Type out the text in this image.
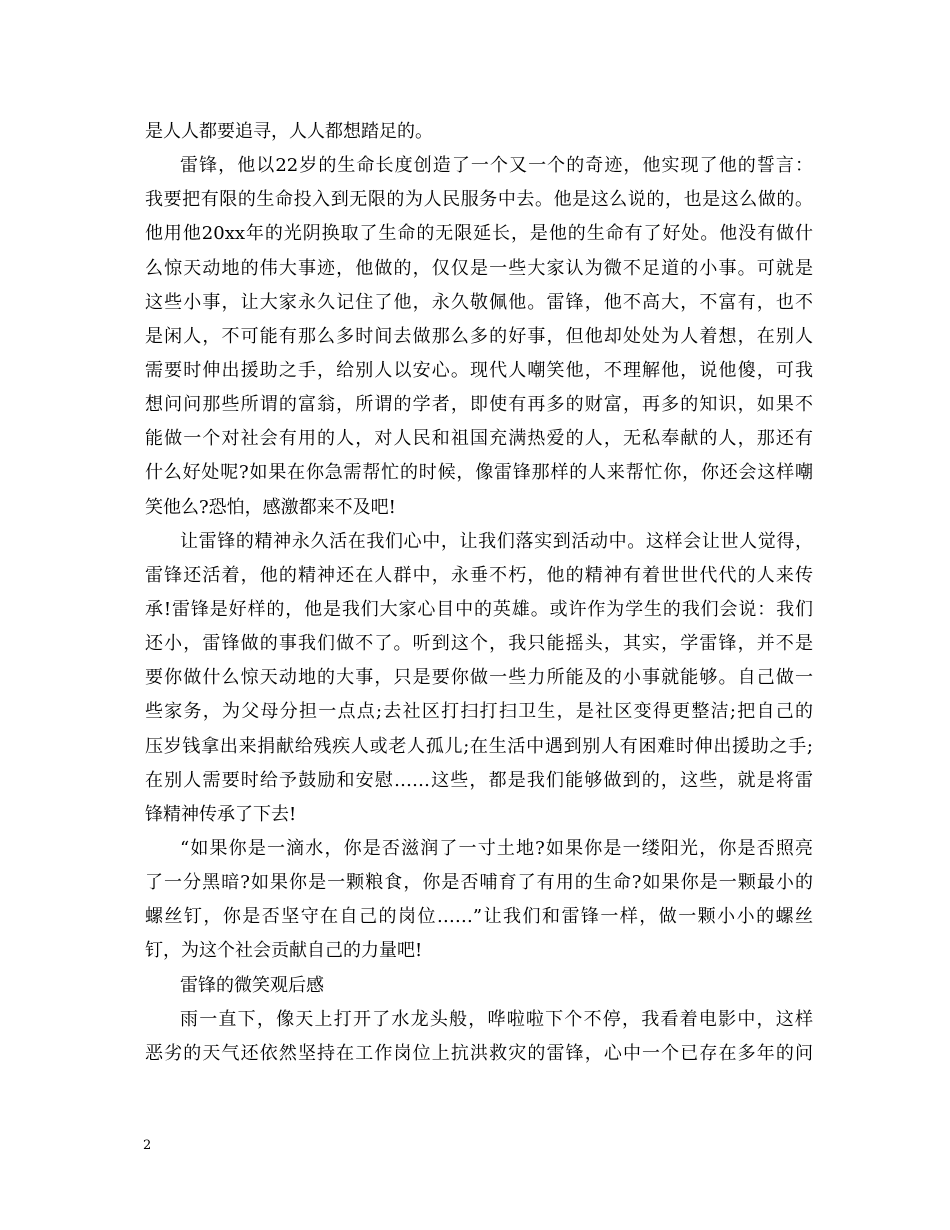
是人人都要追寻，人人都想踏足的。
雷锋，他以22岁的生命长度创造了一个又一个的奇迹，他实现了他的誓言：
我要把有限的生命投入到无限的为人民服务中去。他是这么说的，也是这么做的。
他用他20xx年的光阴换取了生命的无限延长，是他的生命有了好处。他没有做什
么惊天动地的伟大事迹，他做的，仅仅是一些大家认为微不足道的小事。可就是
这些小事，让大家永久记住了他，永久敬佩他。雷锋，他不高大，不富有，也不
是闲人，不可能有那么多时间去做那么多的好事，但他却处处为人着想，在别人
需要时伸出援助之手，给别人以安心。现代人嘲笑他，不理解他，说他傻，可我
想问问那些所谓的富翁，所谓的学者，即使有再多的财富，再多的知识，如果不
能做一个对社会有用的人，对人民和祖国充满热爱的人，无私奉献的人，那还有
什么好处呢?如果在你急需帮忙的时候，像雷锋那样的人来帮忙你，你还会这样嘲
笑他么?恐怕，感激都来不及吧!
让雷锋的精神永久活在我们心中，让我们落实到活动中。这样会让世人觉得，
雷锋还活着，他的精神还在人群中，永垂不朽，他的精神有着世世代代的人来传
承!雷锋是好样的，他是我们大家心目中的英雄。或许作为学生的我们会说：我们
还小，雷锋做的事我们做不了。听到这个，我只能摇头，其实，学雷锋，并不是
要你做什么惊天动地的大事，只是要你做一些力所能及的小事就能够。自己做一
些家务，为父母分担一点点;去社区打扫打扫卫生，是社区变得更整洁;把自己的
压岁钱拿出来捐献给残疾人或老人孤儿;在生活中遇到别人有困难时伸出援助之手;
在别人需要时给予鼓励和安慰……这些，都是我们能够做到的，这些，就是将雷
锋精神传承了下去!
“如果你是一滴水，你是否滋润了一寸土地?如果你是一缕阳光，你是否照亮
了一分黑暗?如果你是一颗粮食，你是否哺育了有用的生命?如果你是一颗最小的
螺丝钉，你是否坚守在自己的岗位……”让我们和雷锋一样，做一颗小小的螺丝
钉，为这个社会贡献自己的力量吧!
雷锋的微笑观后感
雨一直下，像天上打开了水龙头般，哗啦啦下个不停，我看着电影中，这样
恶劣的天气还依然坚持在工作岗位上抗洪救灾的雷锋，心中一个已存在多年的问
2
